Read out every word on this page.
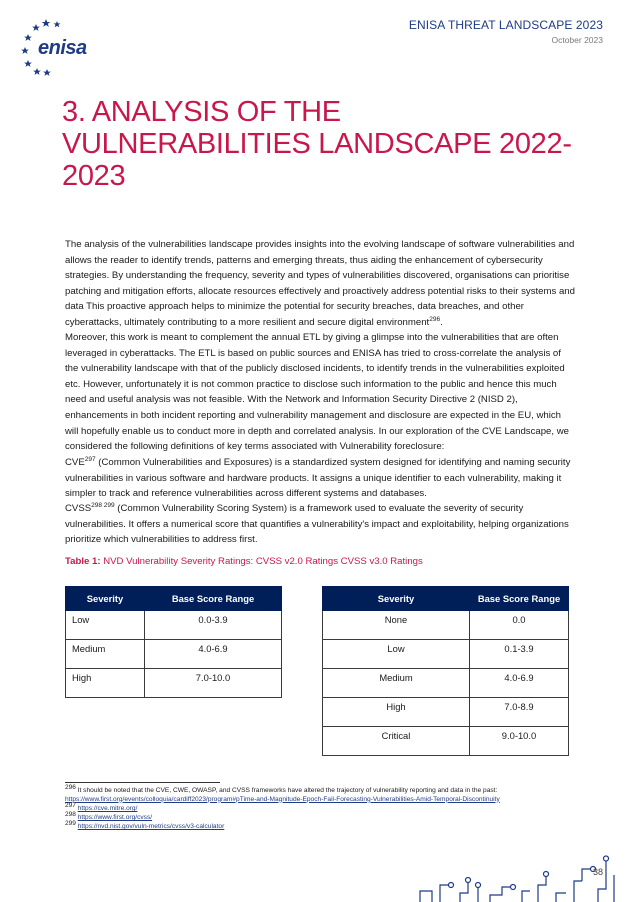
enisa
ENISA THREAT LANDSCAPE 2023
October 2023
3. ANALYSIS OF THE
VULNERABILITIES LANDSCAPE 2022-
2023

The analysis of the vulnerabilities landscape provides insights into the evolving landscape of software vulnerabilities and allows the reader to identify trends, patterns and emerging threats, thus aiding the enhancement of cybersecurity strategies. By understanding the frequency, severity and types of vulnerabilities discovered, organisations can prioritise patching and mitigation efforts, allocate resources effectively and proactively address potential risks to their systems and data This proactive approach helps to minimize the potential for security breaches, data breaches, and other cyberattacks, ultimately contributing to a more resilient and secure digital environment$^{296}$.

Moreover, this work is meant to complement the annual ETL by giving a glimpse into the vulnerabilities that are often leveraged in cyberattacks. The ETL is based on public sources and ENISA has tried to cross-correlate the analysis of the vulnerability landscape with that of the publicly disclosed incidents, to identify trends in the vulnerabilities exploited etc. However, unfortunately it is not common practice to disclose such information to the public and hence this much need and useful analysis was not feasible. With the Network and Information Security Directive 2 (NISD 2), enhancements in both incident reporting and vulnerability management and disclosure are expected in the EU, which will hopefully enable us to conduct more in depth and correlated analysis. In our exploration of the CVE Landscape, we considered the following definitions of key terms associated with Vulnerability foreclosure:

CVE$^{297}$ (Common Vulnerabilities and Exposures) is a standardized system designed for identifying and naming security vulnerabilities in various software and hardware products. It assigns a unique identifier to each vulnerability, making it simpler to track and reference vulnerabilities across different systems and databases.

$CVSS^{298 299}$ (Common Vulnerability Scoring System) is a framework used to evaluate the severity of security vulnerabilities. It offers a numerical score that quantifies a vulnerability's impact and exploitability, helping organizations prioritize which vulnerabilities to address first.

Table 1: NVD Vulnerability Severity Ratings: CVSS v2.0 Ratings CVSS v3.0 Ratings
Severity	Base Score Range
Low	0.0-3.9
Medium	4.0-6.9
High	7.0-10.0
Severity	Base Score Range
None	0.0
Low	0.1-3.9
Medium	4.0-6.9
High	7.0-8.9
Critical	9.0-10.0
$^{296}$ It should be noted that the CVE, CWE, OWASP, and CVSS frameworks have altered the trajectory of vulnerability reporting and data in the past:
https://www.first.org/events/colloquia/cardiff2023/program#pTime-and-Magnitude-Epoch-Fail-Forecasting-Vulnerabilities-Amid-Temporal-Discontinuity
$^{297}$ https://cve.mitre.org/
$^{298}$ https://www.first.org/cvss/
$^{299}$ https://nvd.nist.gov/vuln-metrics/cvss/v3-calculator
38
